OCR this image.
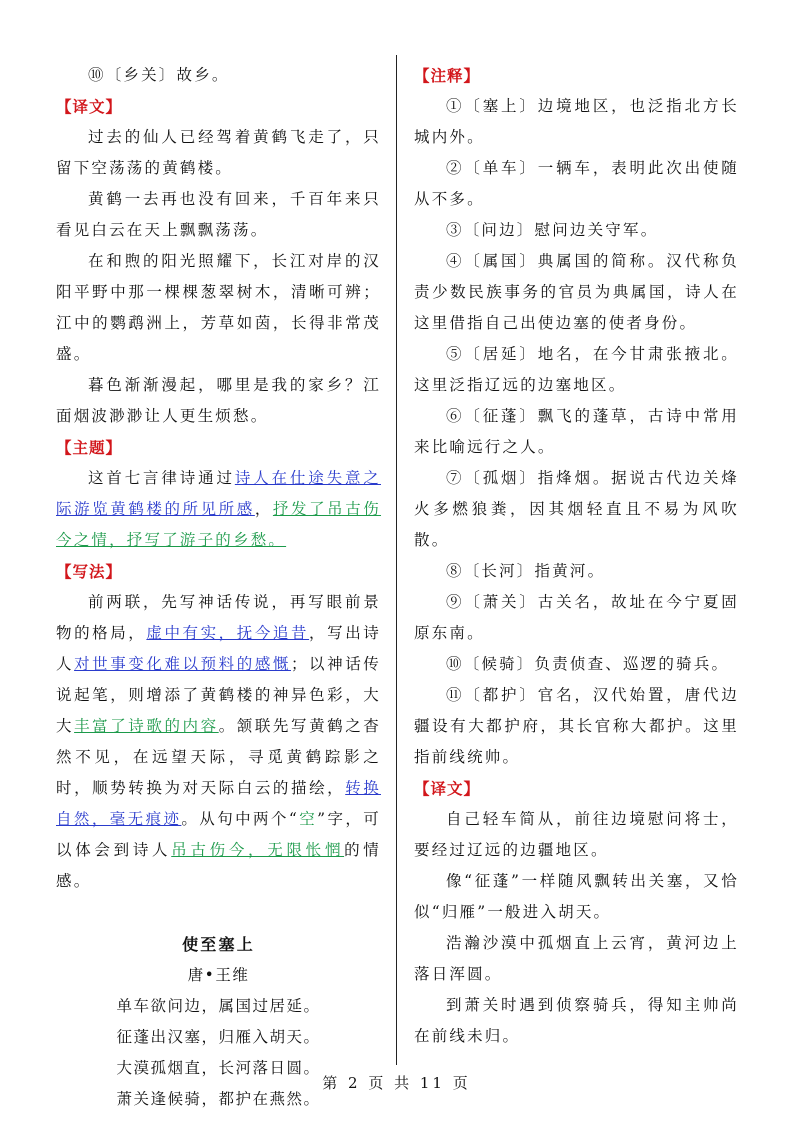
⑩〔乡关〕故乡。

【译文】

过去的仙人已经驾着黄鹤飞走了，只留下空荡荡的黄鹤楼。

黄鹤一去再也没有回来，千百年来只看见白云在天上飘飘荡荡。

在和煦的阳光照耀下，长江对岸的汉阳平野中那一棵棵葱翠树木，清晰可辨；江中的鹦鹉洲上，芳草如茵，长得非常茂盛。

暮色渐渐漫起，哪里是我的家乡？江面烟波渺渺让人更生烦愁。

【主题】

这首七言律诗通过诗人在仕途失意之际游览黄鹤楼的所见所感，抒发了吊古伤今之情，抒写了游子的乡愁。

【写法】

前两联，先写神话传说，再写眼前景物的格局，虚中有实，抚今追昔，写出诗人对世事变化难以预料的感慨；以神话传说起笔，则增添了黄鹤楼的神异色彩，大大丰富了诗歌的内容。颔联先写黄鹤之杳然不见，在远望天际，寻觅黄鹤踪影之时，顺势转换为对天际白云的描绘，转换自然，毫无痕迹。从句中两个“空”字，可以体会到诗人吊古伤今，无限怅惘的情感。

使至塞上

唐•王维

单车欲问边，属国过居延。

征蓬出汉塞，归雁入胡天。

大漠孤烟直，长河落日圆。

萧关逢候骑，都护在燕然。

【注释】

①〔塞上〕边境地区，也泛指北方长城内外。

②〔单车〕一辆车，表明此次出使随从不多。

③〔问边〕慰问边关守军。

④〔属国〕典属国的简称。汉代称负责少数民族事务的官员为典属国，诗人在这里借指自己出使边塞的使者身份。

⑤〔居延〕地名，在今甘肃张掖北。这里泛指辽远的边塞地区。

⑥〔征蓬〕飘飞的蓬草，古诗中常用来比喻远行之人。

⑦〔孤烟〕指烽烟。据说古代边关烽火多燃狼粪，因其烟轻直且不易为风吹散。

⑧〔长河〕指黄河。

⑨〔萧关〕古关名，故址在今宁夏固原东南。

⑩〔候骑〕负责侦查、巡逻的骑兵。

⑪〔都护〕官名，汉代始置，唐代边疆设有大都护府，其长官称大都护。这里指前线统帅。

【译文】

自己轻车简从，前往边境慰问将士，要经过辽远的边疆地区。

像“征蓬”一样随风飘转出关塞，又恰似“归雁”一般进入胡天。

浩瀚沙漠中孤烟直上云宵，黄河边上落日浑圆。

到萧关时遇到侦察骑兵，得知主帅尚在前线未归。

第 2 页 共 11 页
